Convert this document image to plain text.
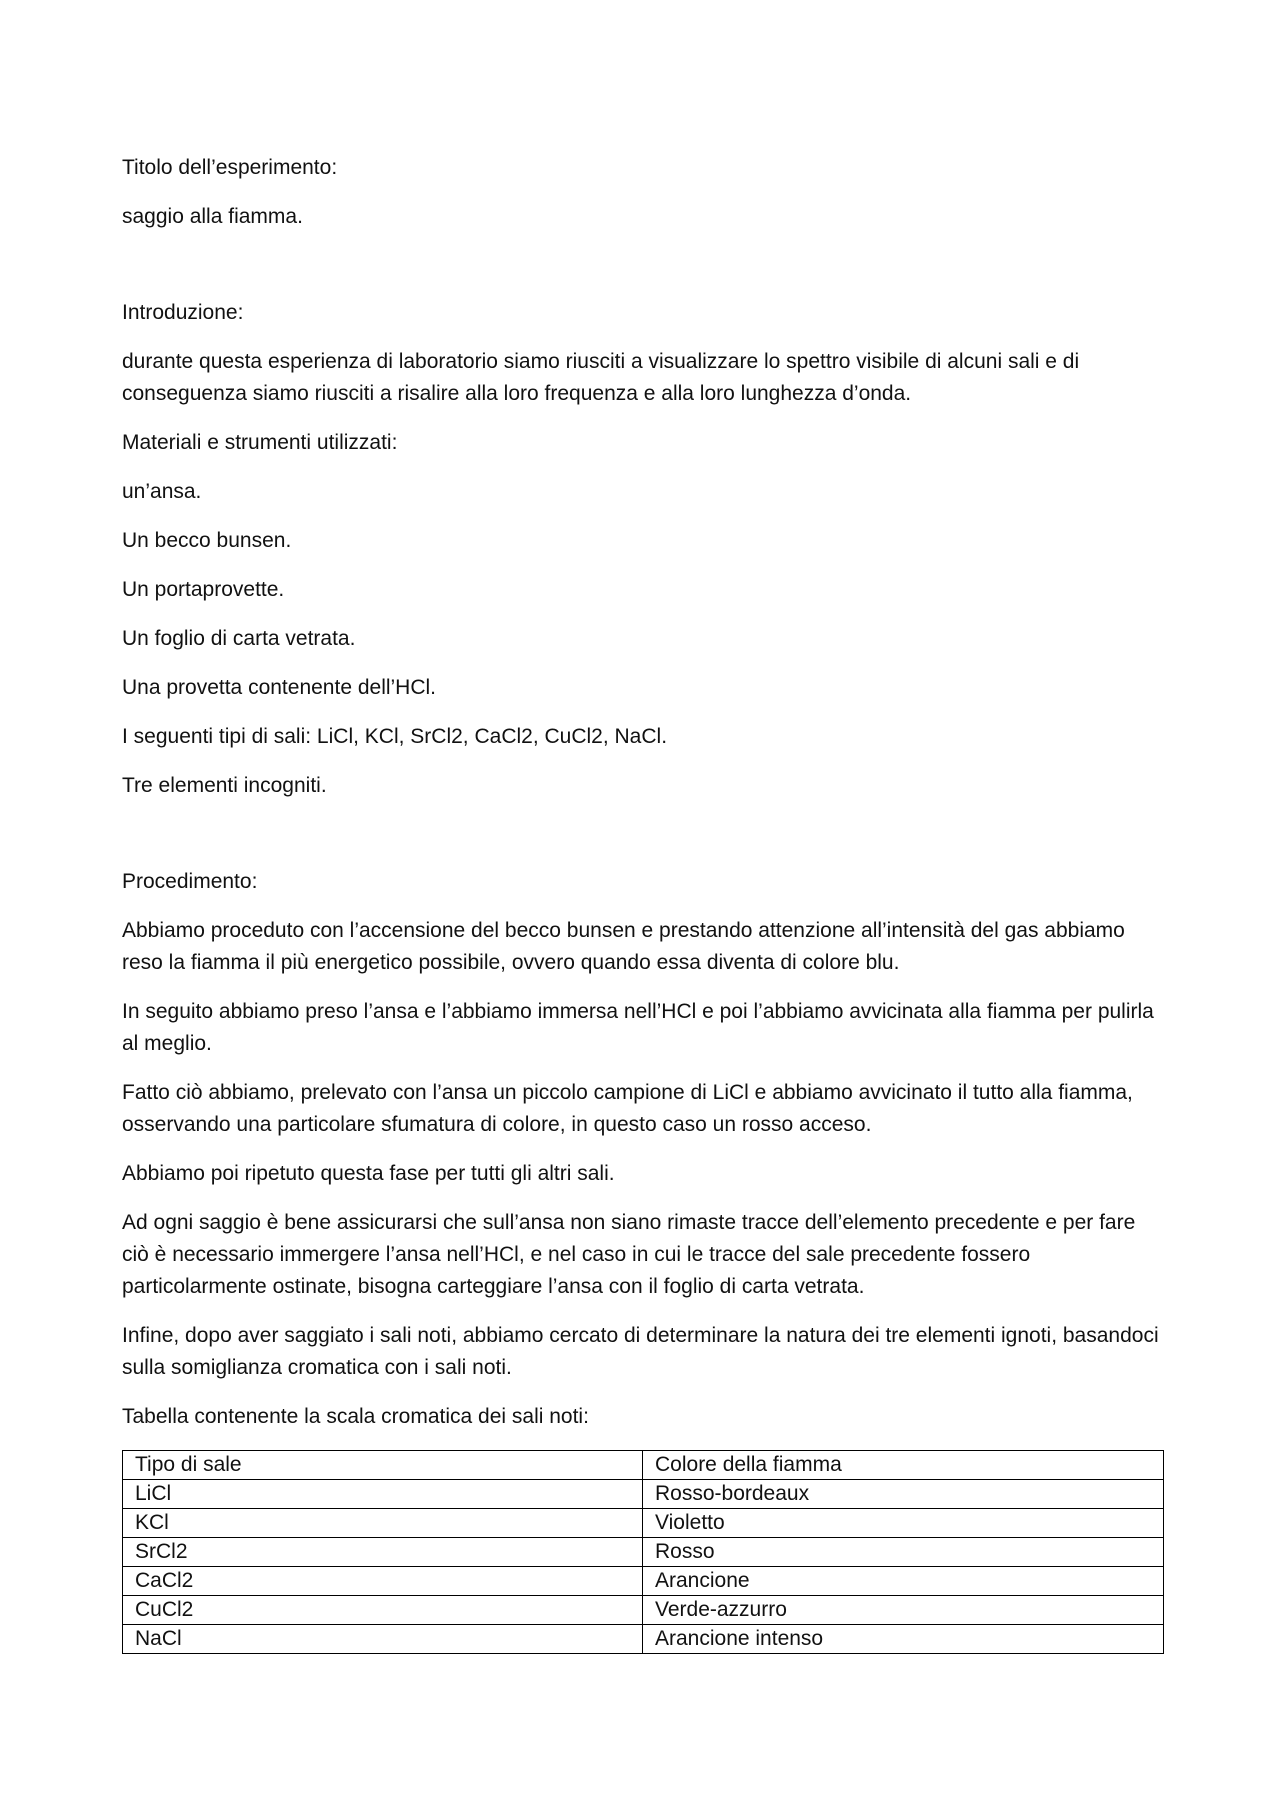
Titolo dell’esperimento:

saggio alla fiamma.

Introduzione:

durante questa esperienza di laboratorio siamo riusciti a visualizzare lo spettro visibile di alcuni sali e di conseguenza siamo riusciti a risalire alla loro frequenza e alla loro lunghezza d’onda.

Materiali e strumenti utilizzati:

un’ansa.

Un becco bunsen.

Un portaprovette.

Un foglio di carta vetrata.

Una provetta contenente dell’HCl.

I seguenti tipi di sali: LiCl, KCl, SrCl2, CaCl2, CuCl2, NaCl.

Tre elementi incogniti.

Procedimento:

Abbiamo proceduto con l’accensione del becco bunsen e prestando attenzione all’intensità del gas abbiamo reso la fiamma il più energetico possibile, ovvero quando essa diventa di colore blu.

In seguito abbiamo preso l’ansa e l’abbiamo immersa nell’HCl e poi l’abbiamo avvicinata alla fiamma per pulirla al meglio.

Fatto ciò abbiamo, prelevato con l’ansa un piccolo campione di LiCl e abbiamo avvicinato il tutto alla fiamma, osservando una particolare sfumatura di colore, in questo caso un rosso acceso.

Abbiamo poi ripetuto questa fase per tutti gli altri sali.

Ad ogni saggio è bene assicurarsi che sull’ansa non siano rimaste tracce dell’elemento precedente e per fare ciò è necessario immergere l’ansa nell’HCl, e nel caso in cui le tracce del sale precedente fossero particolarmente ostinate, bisogna carteggiare l’ansa con il foglio di carta vetrata.

Infine, dopo aver saggiato i sali noti, abbiamo cercato di determinare la natura dei tre elementi ignoti, basandoci sulla somiglianza cromatica con i sali noti.

Tabella contenente la scala cromatica dei sali noti:

Tipo di sale	Colore della fiamma
LiCl	Rosso-bordeaux
KCl	Violetto
SrCl2	Rosso
CaCl2	Arancione
CuCl2	Verde-azzurro
NaCl	Arancione intenso
